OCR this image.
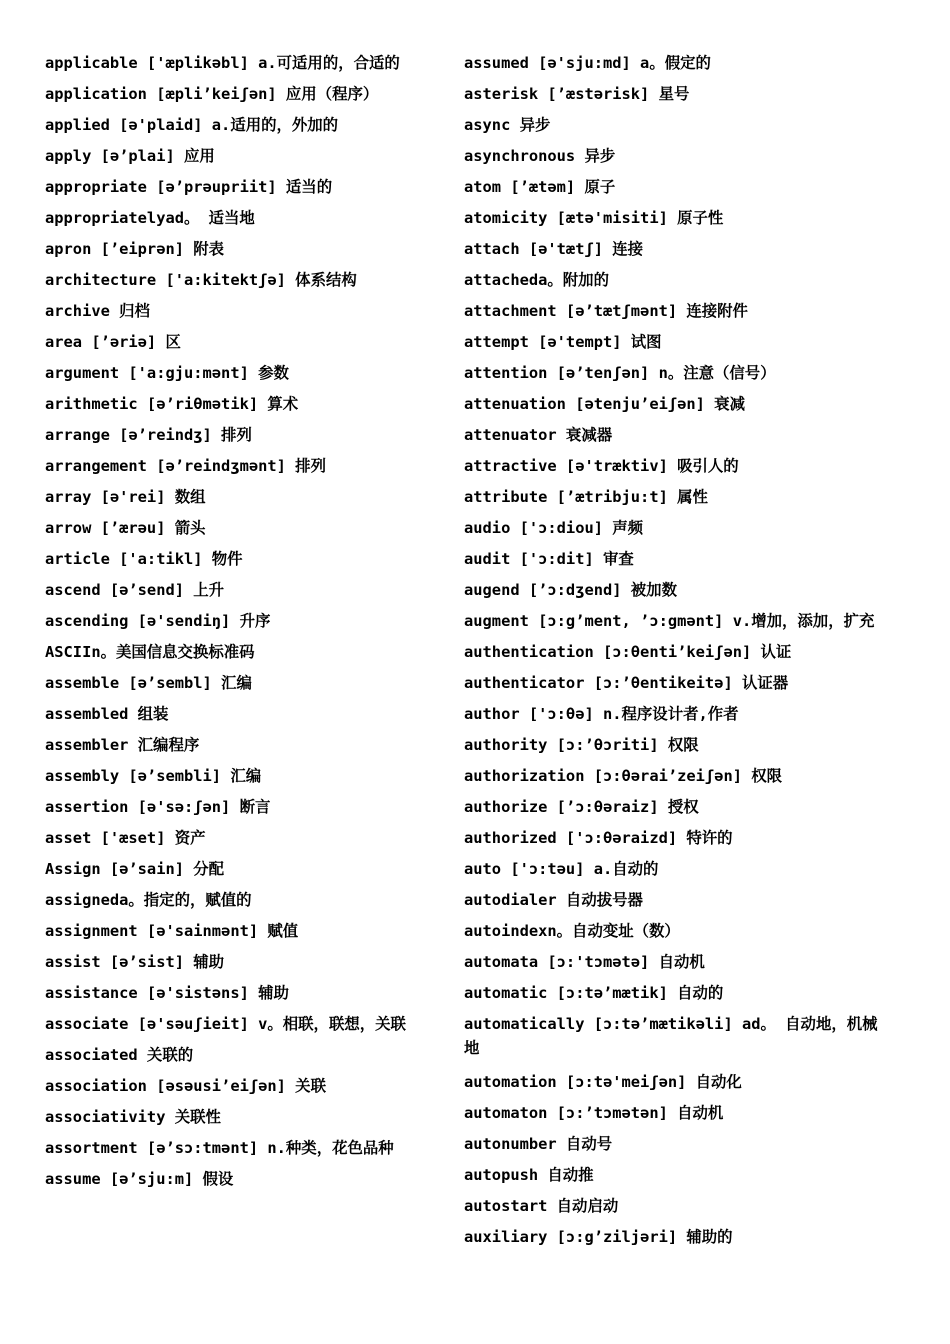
applicable ['æplikəbl] a.可适用的，合适的
application [æpli’keiʃən] 应用（程序）
applied [ə'plaid] a.适用的，外加的
apply [ə’plai] 应用
appropriate [ə’prəupriit] 适当的
appropriatelyad。 适当地
apron [’eiprən] 附表
architecture ['a:kitektʃə] 体系结构
archive 归档
area [’əriə] 区
argument ['a:gju:mənt] 参数
arithmetic [ə’riθmətik] 算术
arrange [ə’reindʒ] 排列
arrangement [ə’reindʒmənt] 排列
array [ə'rei] 数组
arrow [’ærəu] 箭头
article ['a:tikl] 物件
ascend [ə’send] 上升
ascending [ə'sendiŋ] 升序
ASCIIn。美国信息交换标准码
assemble [ə’sembl] 汇编
assembled 组装
assembler 汇编程序
assembly [ə’sembli] 汇编
assertion [ə'sə:ʃən] 断言
asset ['æset] 资产
Assign [ə’sain] 分配
assigneda。指定的，赋值的
assignment [ə'sainmənt] 赋值
assist [ə’sist] 辅助
assistance [ə'sistəns] 辅助
associate [ə'səuʃieit] v。相联，联想，关联
associated 关联的
association [əsəusi’eiʃən] 关联
associativity 关联性
assortment [ə’sɔ:tmənt] n.种类，花色品种
assume [ə’sju:m] 假设
assumed [ə'sju:md] a。假定的
asterisk [’æstərisk] 星号
async 异步
asynchronous 异步
atom [’ætəm] 原子
atomicity [ætə'misiti] 原子性
attach [ə'tætʃ] 连接
attacheda。附加的
attachment [ə’tætʃmənt] 连接附件
attempt [ə'tempt] 试图
attention [ə’tenʃən] n。注意（信号）
attenuation [ətenju’eiʃən] 衰减
attenuator 衰减器
attractive [ə'træktiv] 吸引人的
attribute [’ætribju:t] 属性
audio ['ɔ:diou] 声频
audit ['ɔ:dit] 审查
augend [’ɔ:dʒend] 被加数
augment [ɔ:g’ment, ’ɔ:gmənt] v.增加，添加，扩充
authentication [ɔ:θenti’keiʃən] 认证
authenticator [ɔ:’θentikeitə] 认证器
author ['ɔ:θə] n.程序设计者,作者
authority [ɔ:’θɔriti] 权限
authorization [ɔ:θərai’zeiʃən] 权限
authorize [’ɔ:θəraiz] 授权
authorized ['ɔ:θəraizd] 特许的
auto ['ɔ:təu] a.自动的
autodialer 自动拔号器
autoindexn。自动变址（数）
automata [ɔ:'tɔmətə] 自动机
automatic [ɔ:tə’mætik] 自动的
automatically [ɔ:tə’mætikəli] ad。 自动地，机械地
automation [ɔ:tə'meiʃən] 自动化
automaton [ɔ:’tɔmətən] 自动机
autonumber 自动号
autopush 自动推
autostart 自动启动
auxiliary [ɔ:g’ziljəri] 辅助的
